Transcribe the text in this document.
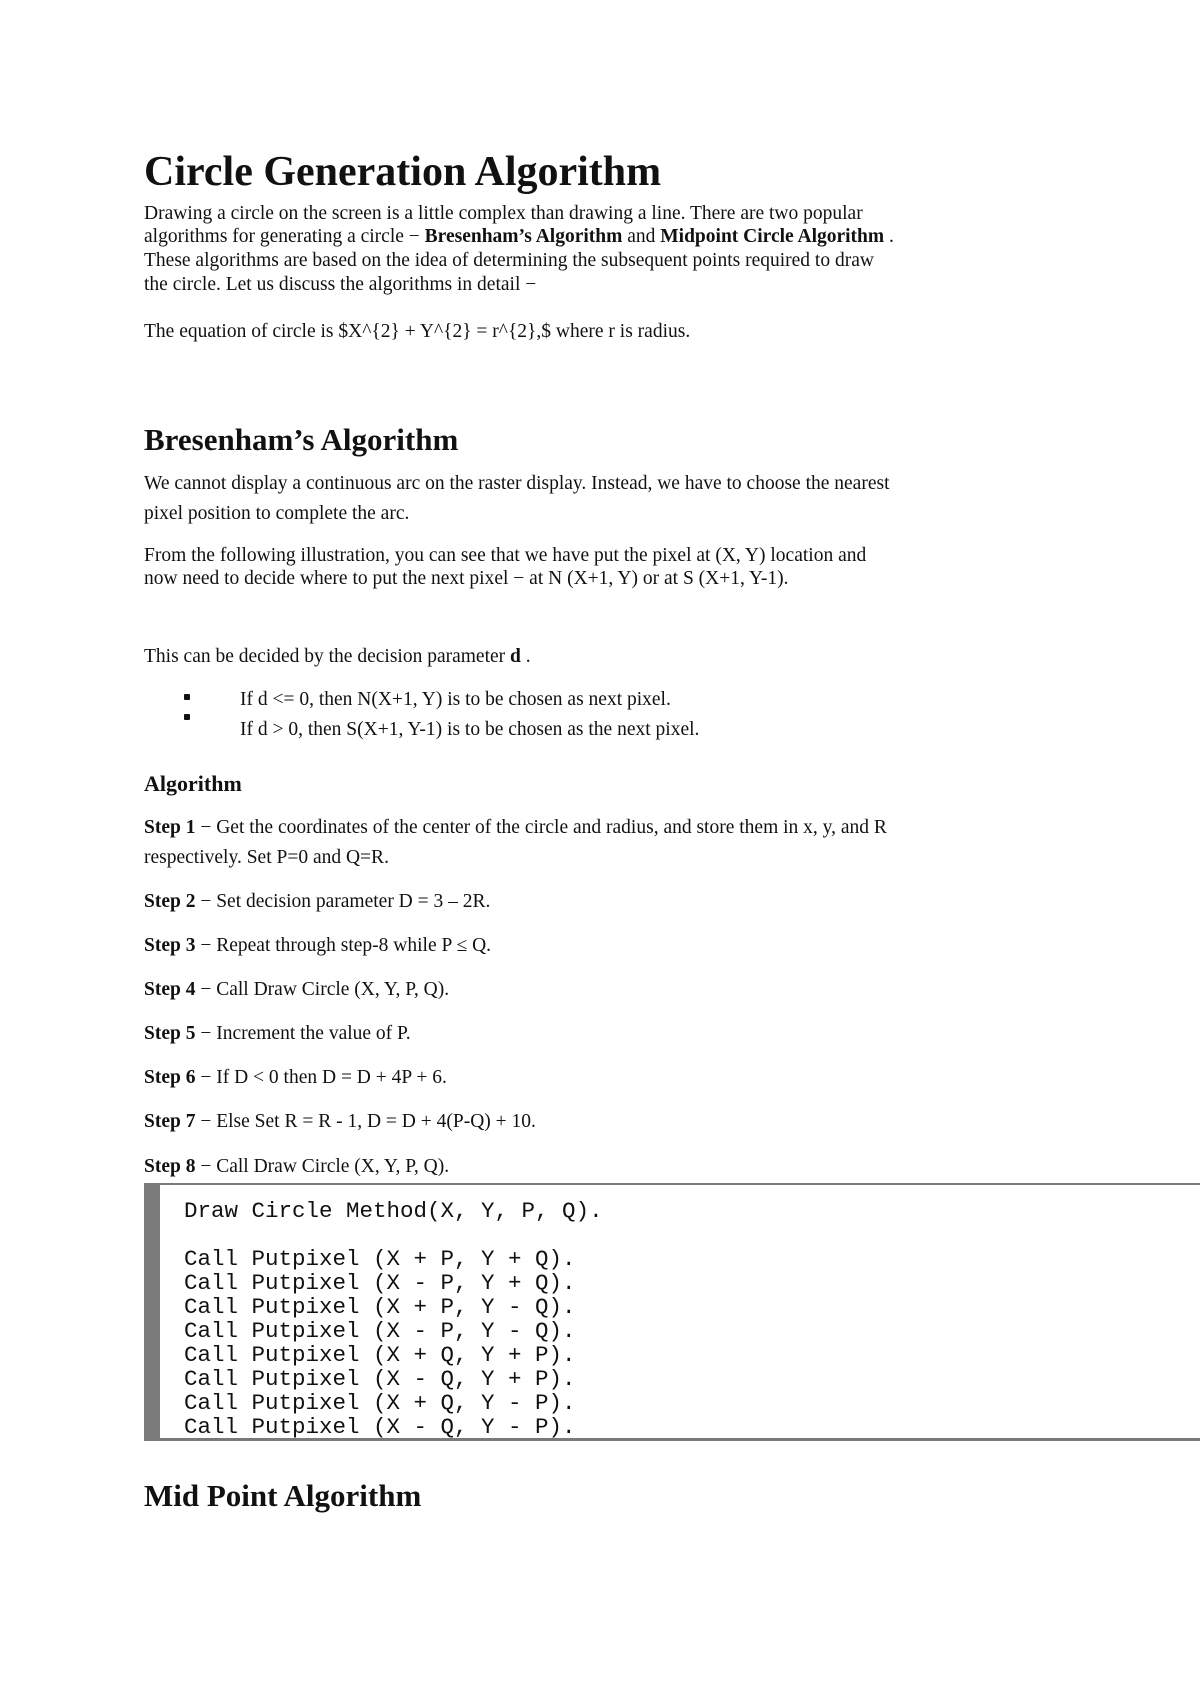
Circle Generation Algorithm
Drawing a circle on the screen is a little complex than drawing a line. There are two popular
algorithms for generating a circle − Bresenham’s Algorithm and Midpoint Circle Algorithm .
These algorithms are based on the idea of determining the subsequent points required to draw
the circle. Let us discuss the algorithms in detail −
The equation of circle is $X^{2} + Y^{2} = r^{2},$ where r is radius.
Bresenham’s Algorithm
We cannot display a continuous arc on the raster display. Instead, we have to choose the nearest
pixel position to complete the arc.
From the following illustration, you can see that we have put the pixel at (X, Y) location and
now need to decide where to put the next pixel − at N (X+1, Y) or at S (X+1, Y-1).
This can be decided by the decision parameter d .
If d <= 0, then N(X+1, Y) is to be chosen as next pixel.
If d > 0, then S(X+1, Y-1) is to be chosen as the next pixel.
Algorithm
Step 1 − Get the coordinates of the center of the circle and radius, and store them in x, y, and R
respectively. Set P=0 and Q=R.
Step 2 − Set decision parameter D = 3 – 2R.
Step 3 − Repeat through step-8 while P ≤ Q.
Step 4 − Call Draw Circle (X, Y, P, Q).
Step 5 − Increment the value of P.
Step 6 − If D < 0 then D = D + 4P + 6.
Step 7 − Else Set R = R - 1, D = D + 4(P-Q) + 10.
Step 8 − Call Draw Circle (X, Y, P, Q).
Draw Circle Method(X, Y, P, Q).
Call Putpixel (X + P, Y + Q).
Call Putpixel (X - P, Y + Q).
Call Putpixel (X + P, Y - Q).
Call Putpixel (X - P, Y - Q).
Call Putpixel (X + Q, Y + P).
Call Putpixel (X - Q, Y + P).
Call Putpixel (X + Q, Y - P).
Call Putpixel (X - Q, Y - P).
Mid Point Algorithm
